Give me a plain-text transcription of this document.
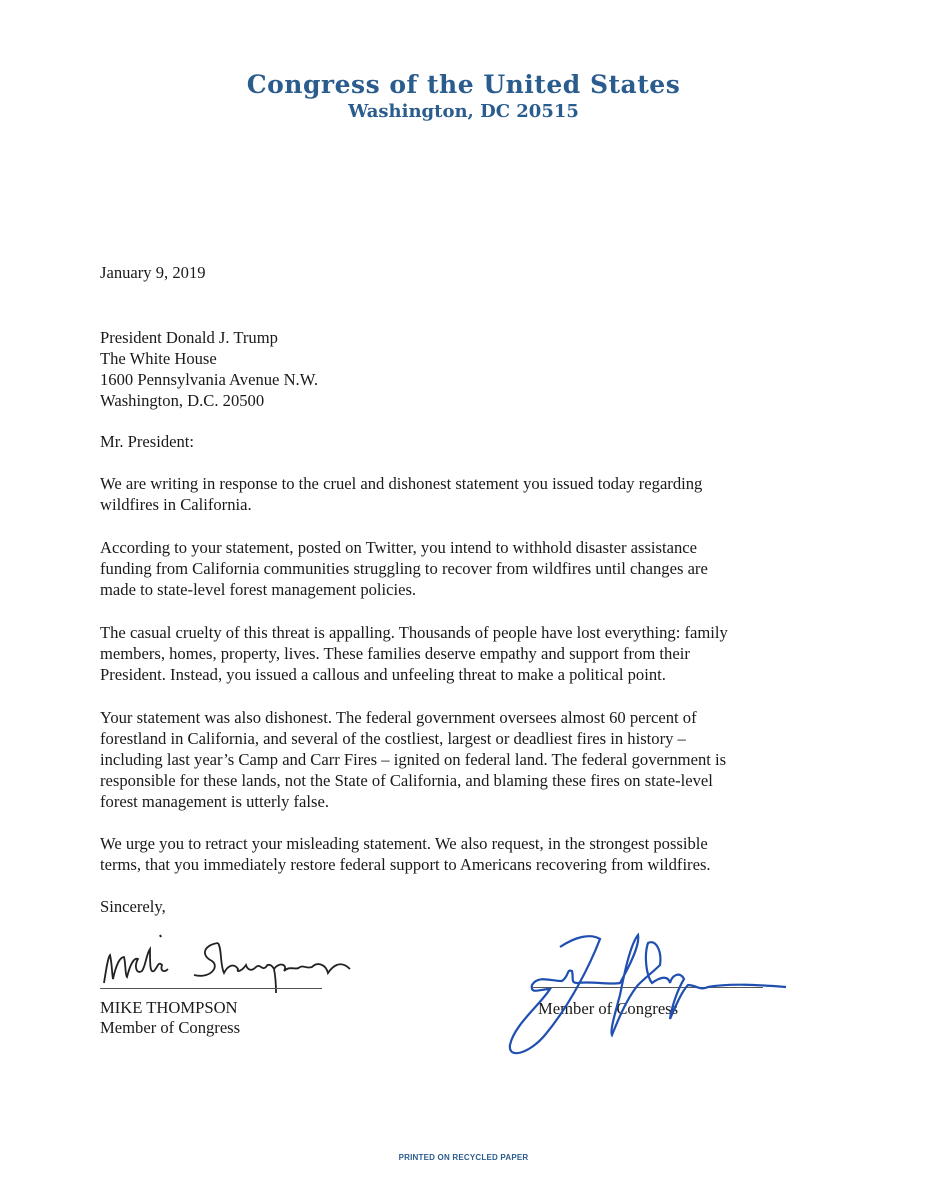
Congress of the United States
Washington, DC 20515
January 9, 2019
President Donald J. Trump
The White House
1600 Pennsylvania Avenue N.W.
Washington, D.C. 20500
Mr. President:
We are writing in response to the cruel and dishonest statement you issued today regarding
wildfires in California.
According to your statement, posted on Twitter, you intend to withhold disaster assistance
funding from California communities struggling to recover from wildfires until changes are
made to state-level forest management policies.
The casual cruelty of this threat is appalling. Thousands of people have lost everything: family
members, homes, property, lives. These families deserve empathy and support from their
President. Instead, you issued a callous and unfeeling threat to make a political point.
Your statement was also dishonest. The federal government oversees almost 60 percent of
forestland in California, and several of the costliest, largest or deadliest fires in history –
including last year’s Camp and Carr Fires – ignited on federal land. The federal government is
responsible for these lands, not the State of California, and blaming these fires on state-level
forest management is utterly false.
We urge you to retract your misleading statement. We also request, in the strongest possible
terms, that you immediately restore federal support to Americans recovering from wildfires.
Sincerely,
MIKE THOMPSON
Member of Congress
Member of Congress
PRINTED ON RECYCLED PAPER
